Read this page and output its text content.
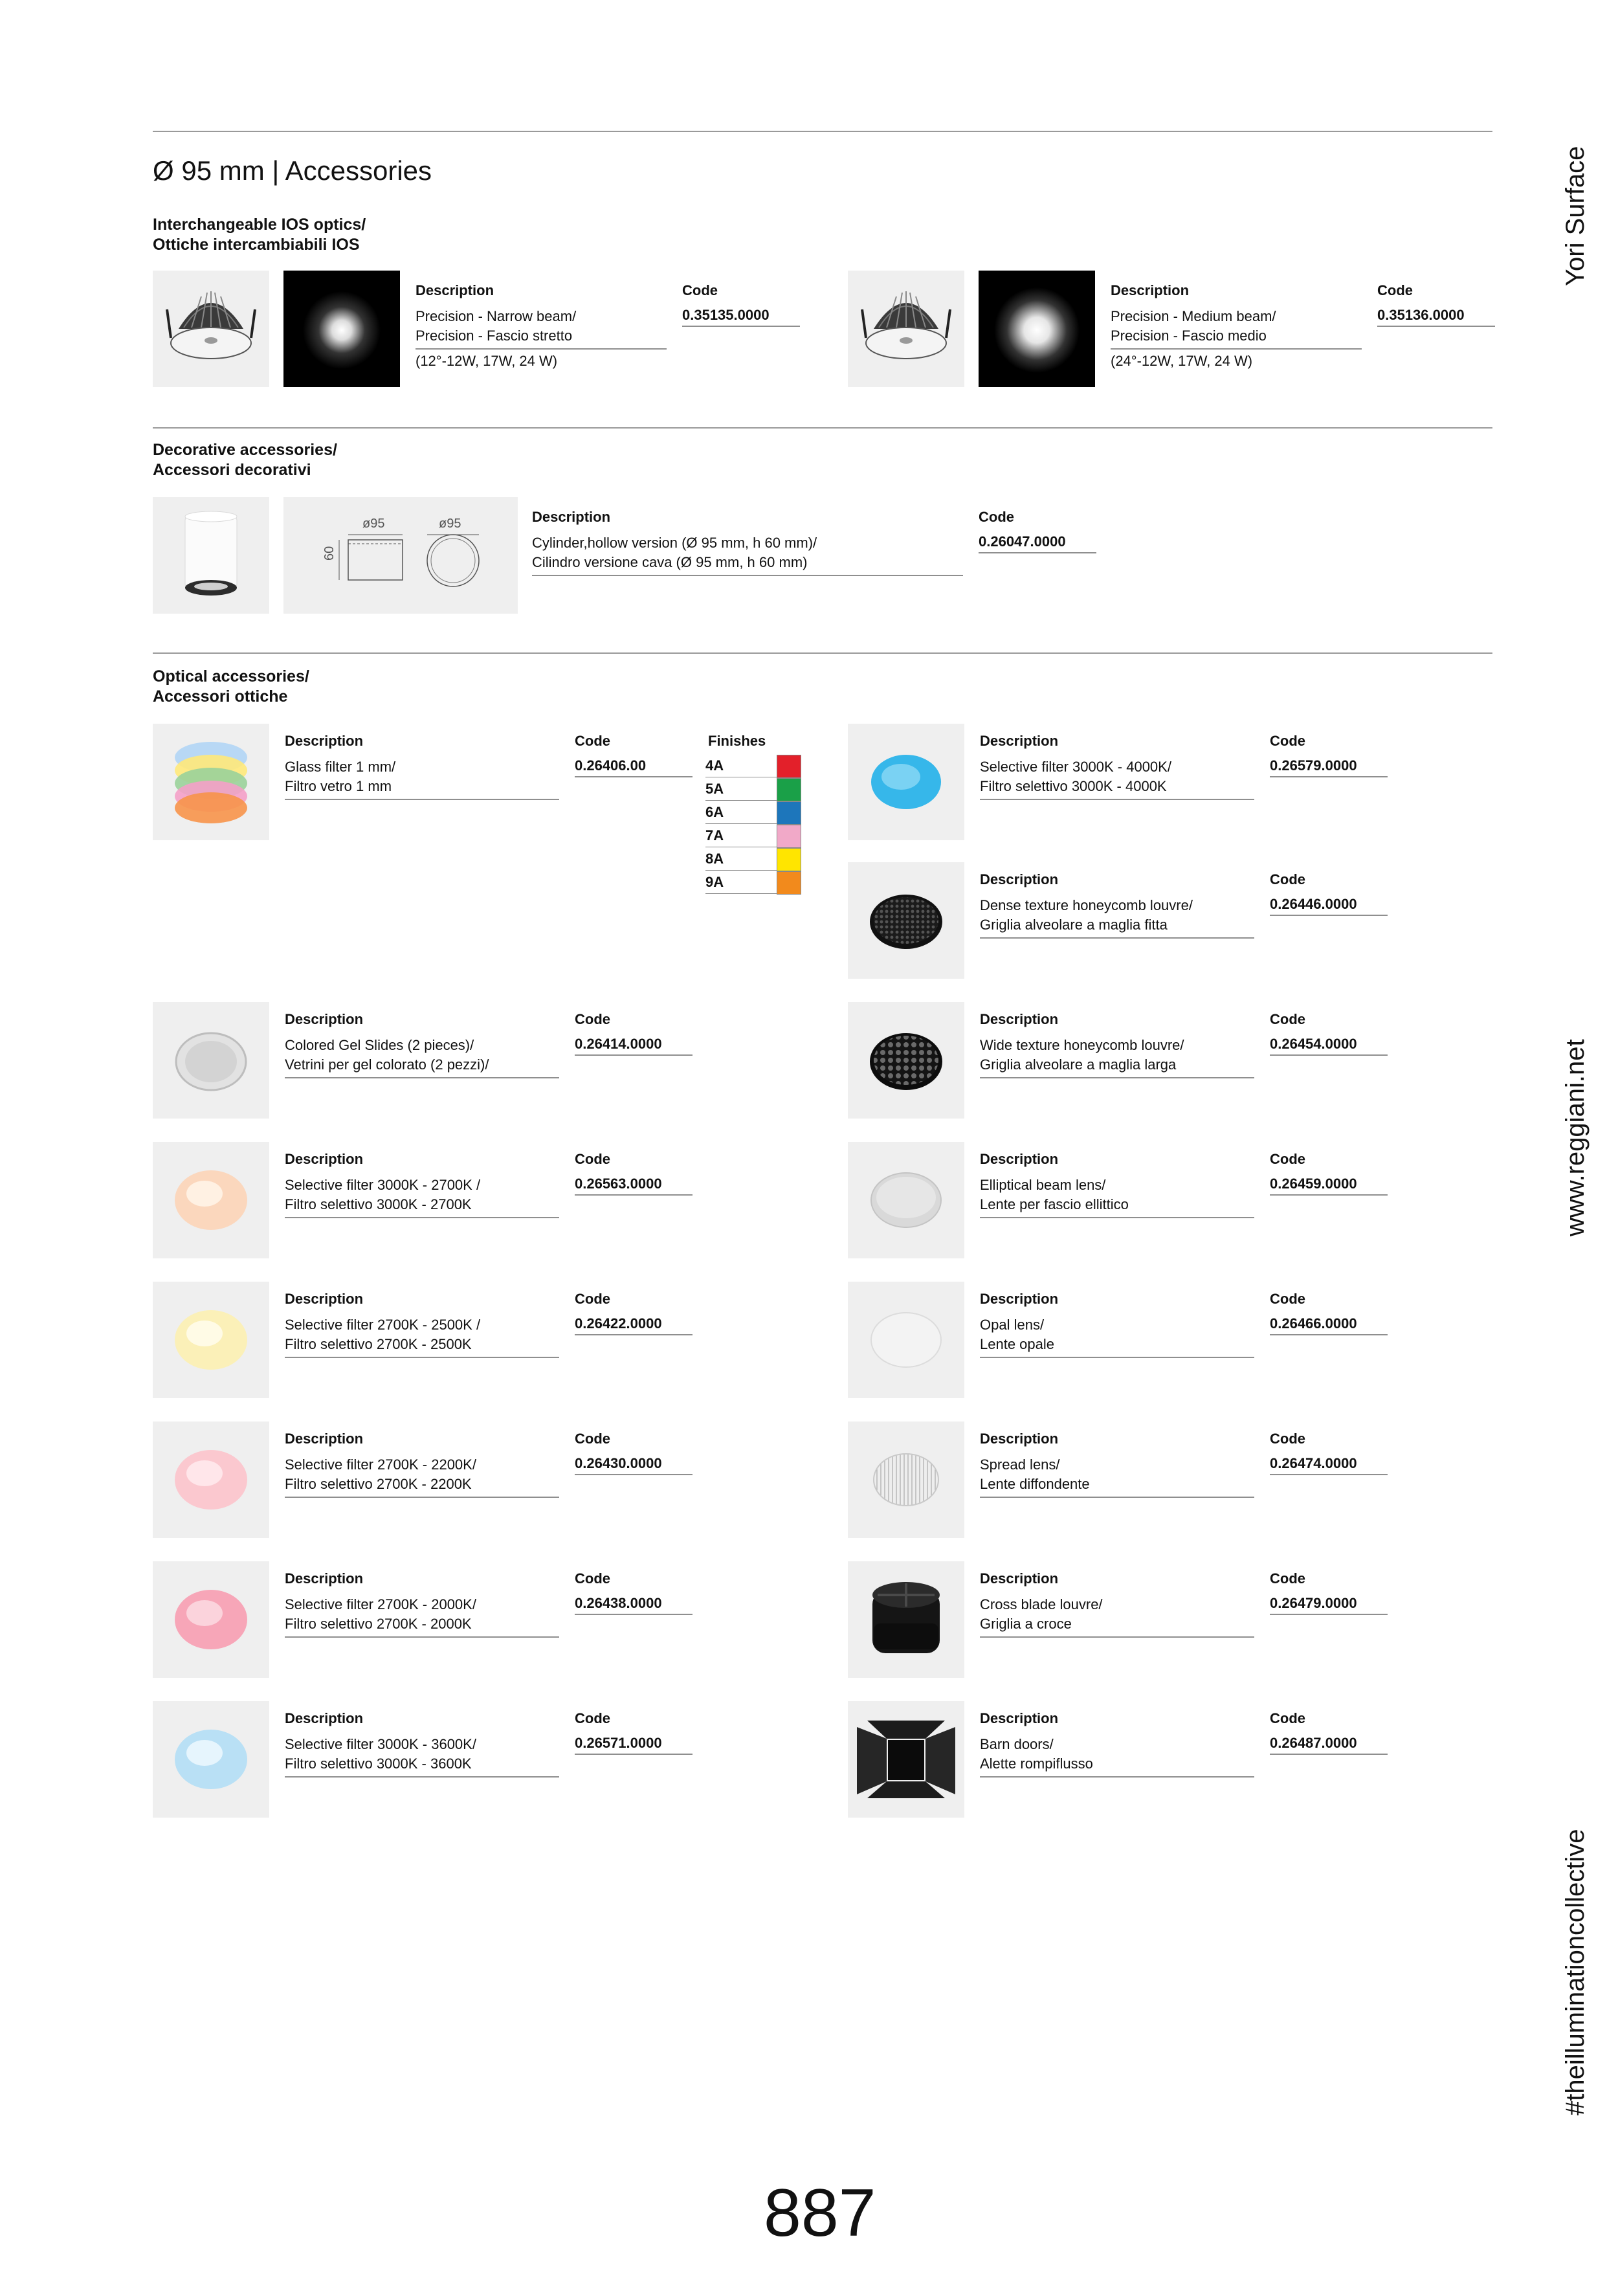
Ø 95 mm | Accessories	Yori Surface
www.reggiani.net
#theilluminationcollective
Interchangeable IOS optics/
Ottiche intercambiabili IOS
Description
Precision - Narrow beam/
Precision - Fascio stretto
(12°-12W, 17W, 24 W)
Code
0.35135.0000
Description
Precision - Medium beam/
Precision - Fascio medio
(24°-12W, 17W, 24 W)
Code
0.35136.0000
Decorative accessories/
Accessori decorativi
ø95	ø95
60
Description
Cylinder,hollow version (Ø 95 mm, h 60 mm)/
Cilindro versione cava (Ø 95 mm, h 60 mm)
Code
0.26047.0000
Optical accessories/
Accessori ottiche
Finishes
4A
5A
6A
7A
8A
9A
Description
Glass filter 1 mm/
Filtro vetro 1 mm
Code
0.26406.00
Description
Colored Gel Slides (2 pieces)/
Vetrini per gel colorato (2 pezzi)/
Code
0.26414.0000
Description
Selective filter 3000K - 2700K /
Filtro selettivo 3000K - 2700K
Code
0.26563.0000
Description
Selective filter 2700K - 2500K /
Filtro selettivo 2700K - 2500K
Code
0.26422.0000
Description
Selective filter 2700K - 2200K/
Filtro selettivo 2700K - 2200K
Code
0.26430.0000
Description
Selective filter 2700K - 2000K/
Filtro selettivo 2700K - 2000K
Code
0.26438.0000
Description
Selective filter 3000K - 3600K/
Filtro selettivo 3000K - 3600K
Code
0.26571.0000
Description
Selective filter 3000K - 4000K/
Filtro selettivo 3000K - 4000K
Code
0.26579.0000
Description
Dense texture honeycomb louvre/
Griglia alveolare a maglia fitta
Code
0.26446.0000
Description
Wide texture honeycomb louvre/
Griglia alveolare a maglia larga
Code
0.26454.0000
Description
Elliptical beam lens/
Lente per fascio ellittico
Code
0.26459.0000
Description
Opal lens/
Lente opale
Code
0.26466.0000
Description
Spread lens/
Lente diffondente
Code
0.26474.0000
Description
Cross blade louvre/
Griglia a croce
Code
0.26479.0000
Description
Barn doors/
Alette rompiflusso
Code
0.26487.0000
887
